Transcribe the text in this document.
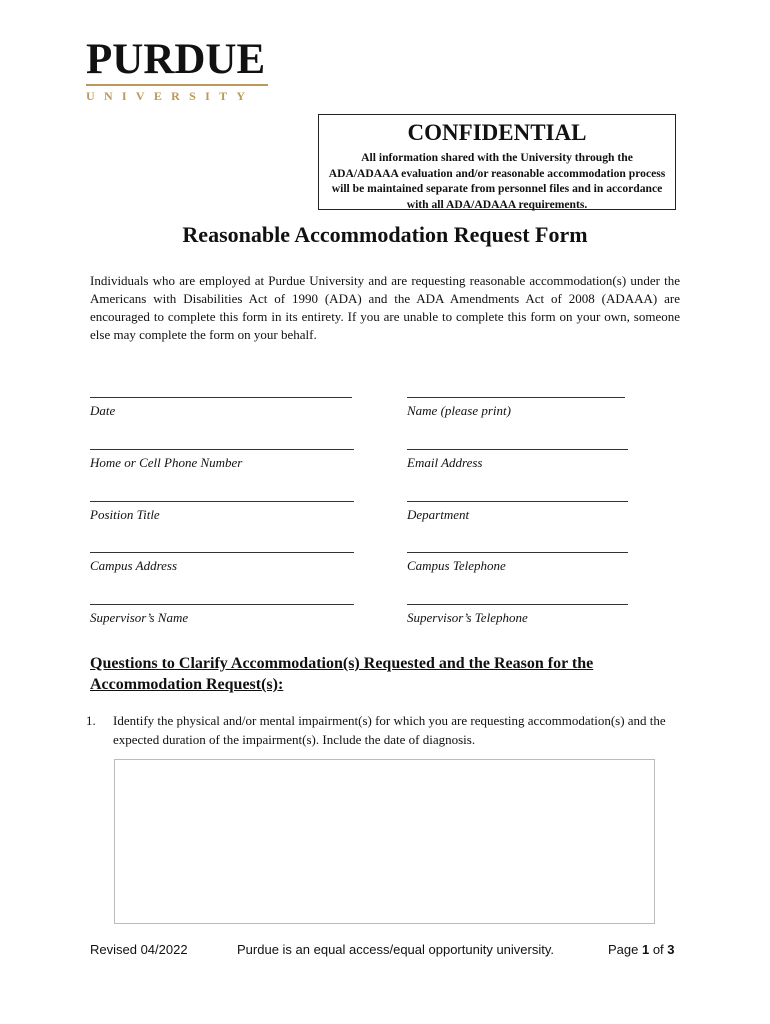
PURDUE
UNIVERSITY
CONFIDENTIAL
All information shared with the University through the ADA/ADAAA evaluation and/or reasonable accommodation process will be maintained separate from personnel files and in accordance with all ADA/ADAAA requirements.
Reasonable Accommodation Request Form
Individuals who are employed at Purdue University and are requesting reasonable accommodation(s) under the Americans with Disabilities Act of 1990 (ADA) and the ADA Amendments Act of 2008 (ADAAA) are encouraged to complete this form in its entirety. If you are unable to complete this form on your own, someone else may complete the form on your behalf.
Date	Name (please print)
Home or Cell Phone Number	Email Address
Position Title	Department
Campus Address	Campus Telephone
Supervisor’s Name	Supervisor’s Telephone
Questions to Clarify Accommodation(s) Requested and the Reason for the Accommodation Request(s):
1. Identify the physical and/or mental impairment(s) for which you are requesting accommodation(s) and the expected duration of the impairment(s). Include the date of diagnosis.
Revised 04/2022	Purdue is an equal access/equal opportunity university.	Page 1 of 3
